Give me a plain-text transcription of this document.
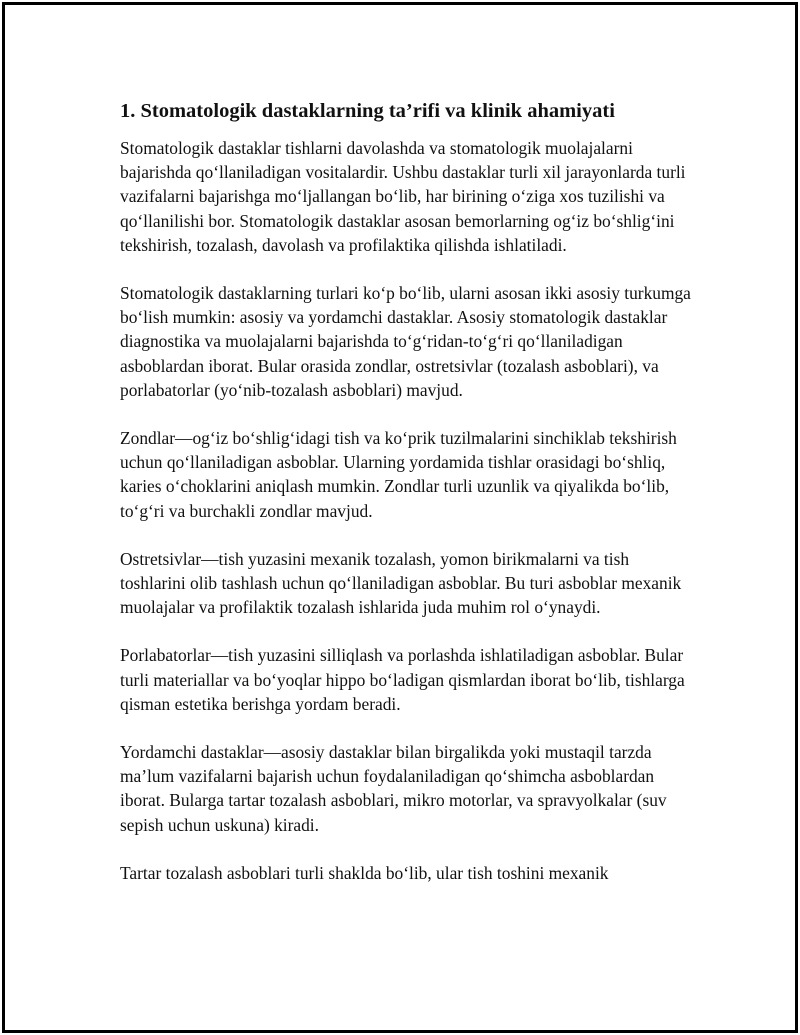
1. Stomatologik dastaklarning ta’rifi va klinik ahamiyati

Stomatologik dastaklar tishlarni davolashda va stomatologik muolajalarni bajarishda qo‘llaniladigan vositalardir. Ushbu dastaklar turli xil jarayonlarda turli vazifalarni bajarishga mo‘ljallangan bo‘lib, har birining o‘ziga xos tuzilishi va qo‘llanilishi bor. Stomatologik dastaklar asosan bemorlarning og‘iz bo‘shlig‘ini tekshirish, tozalash, davolash va profilaktika qilishda ishlatiladi.

Stomatologik dastaklarning turlari ko‘p bo‘lib, ularni asosan ikki asosiy turkumga bo‘lish mumkin: asosiy va yordamchi dastaklar. Asosiy stomatologik dastaklar diagnostika va muolajalarni bajarishda to‘g‘ridan-to‘g‘ri qo‘llaniladigan asboblardan iborat. Bular orasida zondlar, ostretsivlar (tozalash asboblari), va porlabatorlar (yo‘nib-tozalash asboblari) mavjud.

Zondlar—og‘iz bo‘shlig‘idagi tish va ko‘prik tuzilmalarini sinchiklab tekshirish uchun qo‘llaniladigan asboblar. Ularning yordamida tishlar orasidagi bo‘shliq, karies o‘choklarini aniqlash mumkin. Zondlar turli uzunlik va qiyalikda bo‘lib, to‘g‘ri va burchakli zondlar mavjud.

Ostretsivlar—tish yuzasini mexanik tozalash, yomon birikmalarni va tish toshlarini olib tashlash uchun qo‘llaniladigan asboblar. Bu turi asboblar mexanik muolajalar va profilaktik tozalash ishlarida juda muhim rol o‘ynaydi.

Porlabatorlar—tish yuzasini silliqlash va porlashda ishlatiladigan asboblar. Bular turli materiallar va bo‘yoqlar hippo bo‘ladigan qismlardan iborat bo‘lib, tishlarga qisman estetika berishga yordam beradi.

Yordamchi dastaklar—asosiy dastaklar bilan birgalikda yoki mustaqil tarzda ma’lum vazifalarni bajarish uchun foydalaniladigan qo‘shimcha asboblardan iborat. Bularga tartar tozalash asboblari, mikro motorlar, va spravyolkalar (suv sepish uchun uskuna) kiradi.

Tartar tozalash asboblari turli shaklda bo‘lib, ular tish toshini mexanik
